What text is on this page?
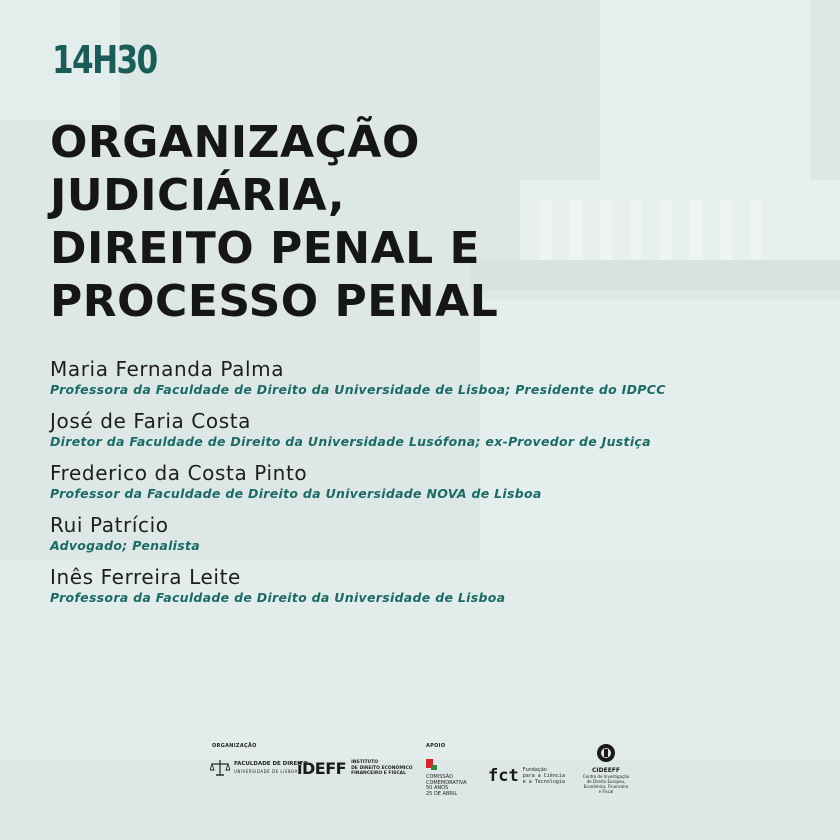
14H30
ORGANIZAÇÃO
JUDICIÁRIA,
DIREITO PENAL E
PROCESSO PENAL
Maria Fernanda Palma
Professora da Faculdade de Direito da Universidade de Lisboa; Presidente do IDPCC
José de Faria Costa
Diretor da Faculdade de Direito da Universidade Lusófona; ex-Provedor de Justiça
Frederico da Costa Pinto
Professor da Faculdade de Direito da Universidade NOVA de Lisboa
Rui Patrício
Advogado; Penalista
Inês Ferreira Leite
Professora da Faculdade de Direito da Universidade de Lisboa
ORGANIZAÇÃO	APOIO
FACULDADE DE DIREITO
UNIVERSIDADE DE LISBOA iDEFF INSTITUTO
DE DIREITO ECONÓMICO
FINANCEIRO E FISCAL
COMISSÃO
COMEMORATIVA
50 ANOS
25 DE ABRIL
fct Fundação
para a Ciência
e a Tecnologia
CIDEEFF
Centro de Investigação
de Direito Europeu,
Económico, Financeiro
e Fiscal
